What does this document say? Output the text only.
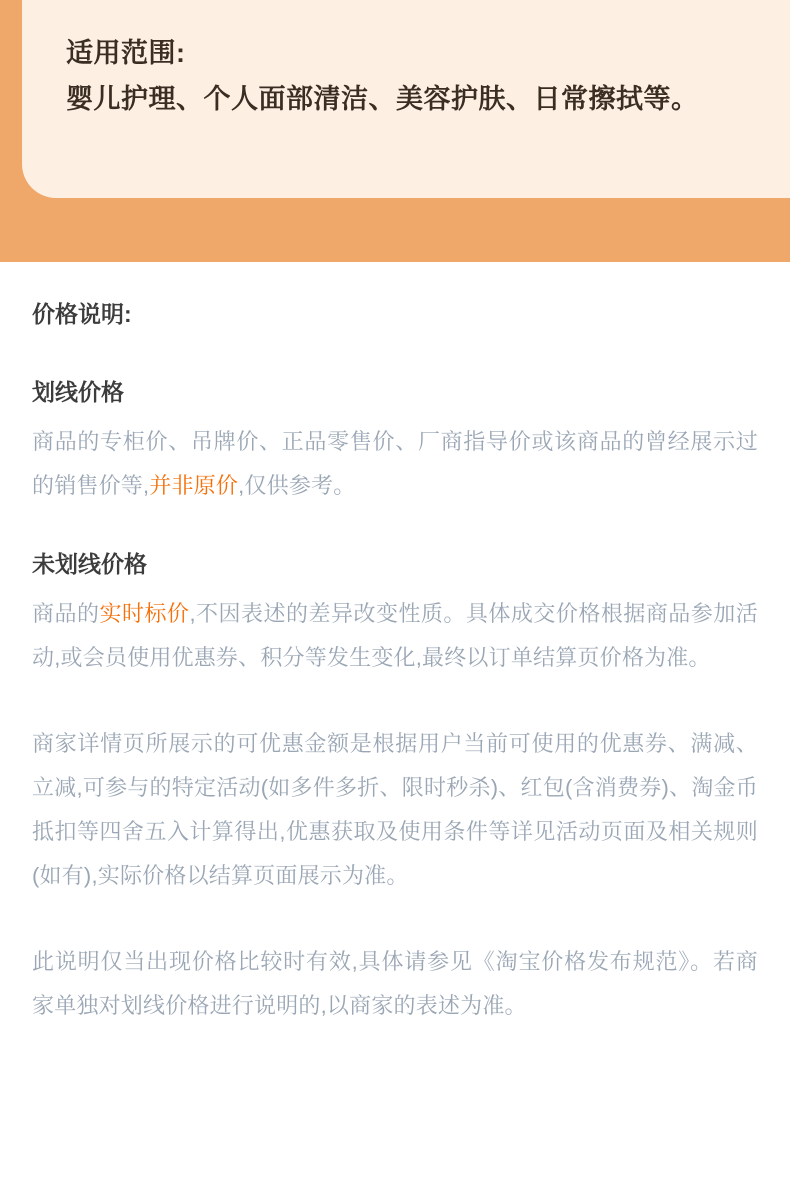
适用范围:
婴儿护理、个人面部清洁、美容护肤、日常擦拭等。
价格说明:
划线价格
商品的专柜价、吊牌价、正品零售价、厂商指导价或该商品的曾经展示过的销售价等,并非原价,仅供参考。
未划线价格
商品的实时标价,不因表述的差异改变性质。具体成交价格根据商品参加活动,或会员使用优惠券、积分等发生变化,最终以订单结算页价格为准。
商家详情页所展示的可优惠金额是根据用户当前可使用的优惠券、满减、立减,可参与的特定活动(如多件多折、限时秒杀)、红包(含消费券)、淘金币抵扣等四舍五入计算得出,优惠获取及使用条件等详见活动页面及相关规则(如有),实际价格以结算页面展示为准。
此说明仅当出现价格比较时有效,具体请参见《淘宝价格发布规范》。若商家单独对划线价格进行说明的,以商家的表述为准。
